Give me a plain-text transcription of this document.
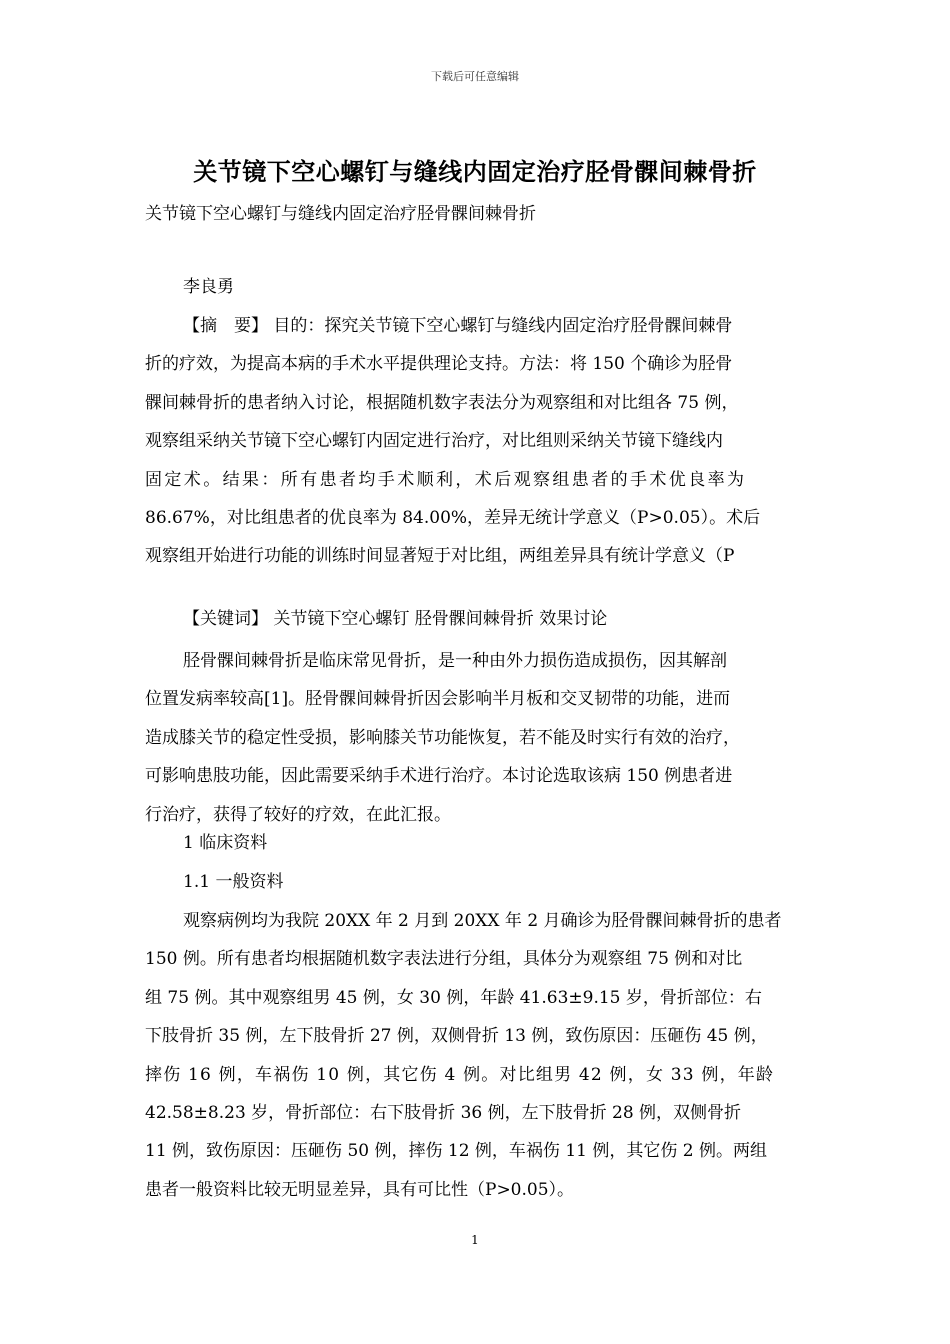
下载后可任意编辑
关节镜下空心螺钉与缝线内固定治疗胫骨髁间棘骨折
关节镜下空心螺钉与缝线内固定治疗胫骨髁间棘骨折
李良勇
【摘　要】 目的：探究关节镜下空心螺钉与缝线内固定治疗胫骨髁间棘骨
折的疗效，为提高本病的手术水平提供理论支持。方法：将 150 个确诊为胫骨
髁间棘骨折的患者纳入讨论，根据随机数字表法分为观察组和对比组各 75 例，
观察组采纳关节镜下空心螺钉内固定进行治疗，对比组则采纳关节镜下缝线内
固定术。结果：所有患者均手术顺利，术后观察组患者的手术优良率为
86.67%，对比组患者的优良率为 84.00%，差异无统计学意义（P>0.05）。术后
观察组开始进行功能的训练时间显著短于对比组，两组差异具有统计学意义（P
【关键词】 关节镜下空心螺钉 胫骨髁间棘骨折 效果讨论
胫骨髁间棘骨折是临床常见骨折，是一种由外力损伤造成损伤，因其解剖
位置发病率较高[1]。胫骨髁间棘骨折因会影响半月板和交叉韧带的功能，进而
造成膝关节的稳定性受损，影响膝关节功能恢复，若不能及时实行有效的治疗，
可影响患肢功能，因此需要采纳手术进行治疗。本讨论选取该病 150 例患者进
行治疗，获得了较好的疗效，在此汇报。
1 临床资料
1.1 一般资料
观察病例均为我院 20XX 年 2 月到 20XX 年 2 月确诊为胫骨髁间棘骨折的患者
150 例。所有患者均根据随机数字表法进行分组，具体分为观察组 75 例和对比
组 75 例。其中观察组男 45 例，女 30 例，年龄 41.63±9.15 岁，骨折部位：右
下肢骨折 35 例，左下肢骨折 27 例，双侧骨折 13 例，致伤原因：压砸伤 45 例，
摔伤 16 例，车祸伤 10 例，其它伤 4 例。对比组男 42 例，女 33 例，年龄
42.58±8.23 岁，骨折部位：右下肢骨折 36 例，左下肢骨折 28 例，双侧骨折
11 例，致伤原因：压砸伤 50 例，摔伤 12 例，车祸伤 11 例，其它伤 2 例。两组
患者一般资料比较无明显差异，具有可比性（P>0.05）。
1
